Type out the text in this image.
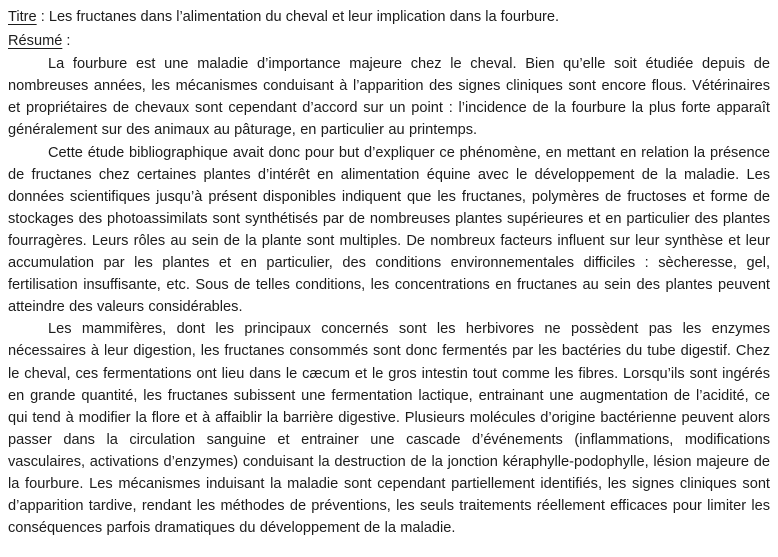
Titre : Les fructanes dans l’alimentation du cheval et leur implication dans la fourbure.

Résumé :

La fourbure est une maladie d’importance majeure chez le cheval. Bien qu’elle soit étudiée depuis de nombreuses années, les mécanismes conduisant à l’apparition des signes cliniques sont encore flous. Vétérinaires et propriétaires de chevaux sont cependant d’accord sur un point : l’incidence de la fourbure la plus forte apparaît généralement sur des animaux au pâturage, en particulier au printemps.

Cette étude bibliographique avait donc pour but d’expliquer ce phénomène, en mettant en relation la présence de fructanes chez certaines plantes d’intérêt en alimentation équine avec le développement de la maladie. Les données scientifiques jusqu’à présent disponibles indiquent que les fructanes, polymères de fructoses et forme de stockages des photoassimilats sont synthétisés par de nombreuses plantes supérieures et en particulier des plantes fourragères. Leurs rôles au sein de la plante sont multiples. De nombreux facteurs influent sur leur synthèse et leur accumulation par les plantes et en particulier, des conditions environnementales difficiles : sècheresse, gel, fertilisation insuffisante, etc. Sous de telles conditions, les concentrations en fructanes au sein des plantes peuvent atteindre des valeurs considérables.

Les mammifères, dont les principaux concernés sont les herbivores ne possèdent pas les enzymes nécessaires à leur digestion, les fructanes consommés sont donc fermentés par les bactéries du tube digestif. Chez le cheval, ces fermentations ont lieu dans le cæcum et le gros intestin tout comme les fibres. Lorsqu’ils sont ingérés en grande quantité, les fructanes subissent une fermentation lactique, entrainant une augmentation de l’acidité, ce qui tend à modifier la flore et à affaiblir la barrière digestive. Plusieurs molécules d’origine bactérienne peuvent alors passer dans la circulation sanguine et entrainer une cascade d’événements (inflammations, modifications vasculaires, activations d’enzymes) conduisant la destruction de la jonction kéraphylle-podophylle, lésion majeure de la fourbure. Les mécanismes induisant la maladie sont cependant partiellement identifiés, les signes cliniques sont d’apparition tardive, rendant les méthodes de préventions, les seuls traitements réellement efficaces pour limiter les conséquences parfois dramatiques du développement de la maladie.
